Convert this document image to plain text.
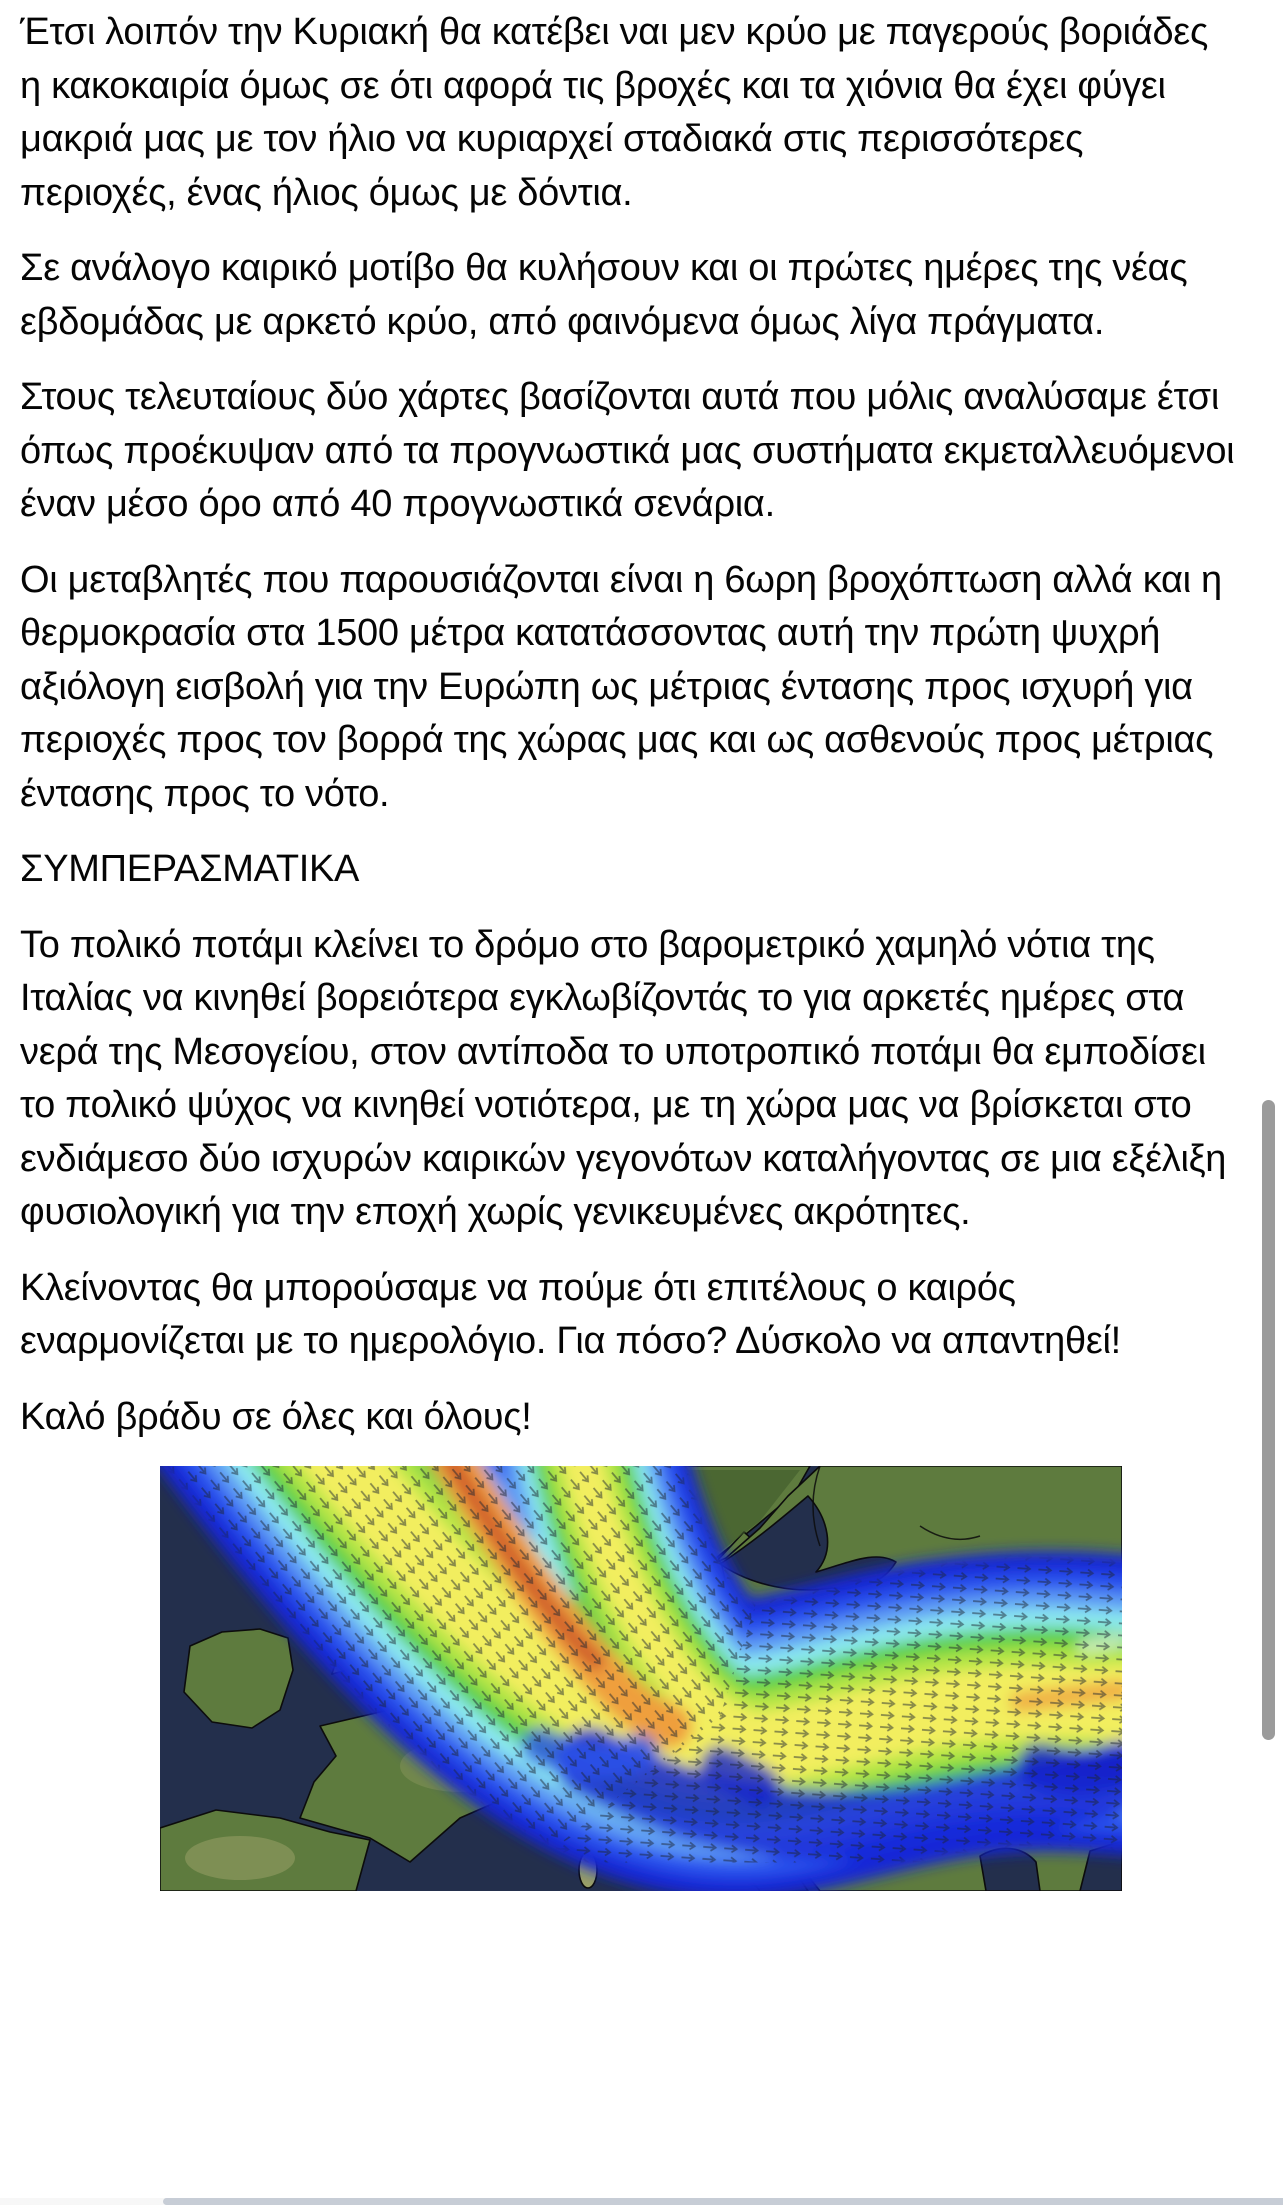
Έτσι λοιπόν την Κυριακή θα κατέβει ναι μεν κρύο με παγερούς βοριάδες η κακοκαιρία όμως σε ότι αφορά τις βροχές και τα χιόνια θα έχει φύγει μακριά μας με τον ήλιο να κυριαρχεί σταδιακά στις περισσότερες περιοχές, ένας ήλιος όμως με δόντια.

Σε ανάλογο καιρικό μοτίβο θα κυλήσουν και οι πρώτες ημέρες της νέας εβδομάδας με αρκετό κρύο, από φαινόμενα όμως λίγα πράγματα.

Στους τελευταίους δύο χάρτες βασίζονται αυτά που μόλις αναλύσαμε έτσι όπως προέκυψαν από τα προγνωστικά μας συστήματα εκμεταλλευόμενοι έναν μέσο όρο από 40 προγνωστικά σενάρια.

Οι μεταβλητές που παρουσιάζονται είναι η 6ωρη βροχόπτωση αλλά και η θερμοκρασία στα 1500 μέτρα κατατάσσοντας αυτή την πρώτη ψυχρή αξιόλογη εισβολή για την Ευρώπη ως μέτριας έντασης προς ισχυρή για περιοχές προς τον βορρά της χώρας μας και ως ασθενούς προς μέτριας έντασης προς το νότο.

ΣΥΜΠΕΡΑΣΜΑΤΙΚΑ

Το πολικό ποτάμι κλείνει το δρόμο στο βαρομετρικό χαμηλό νότια της Ιταλίας να κινηθεί βορειότερα εγκλωβίζοντάς το για αρκετές ημέρες στα νερά της Μεσογείου, στον αντίποδα το υποτροπικό ποτάμι θα εμποδίσει το πολικό ψύχος να κινηθεί νοτιότερα, με τη χώρα μας να βρίσκεται στο ενδιάμεσο δύο ισχυρών καιρικών γεγονότων καταλήγοντας σε μια εξέλιξη φυσιολογική για την εποχή χωρίς γενικευμένες ακρότητες.

Κλείνοντας θα μπορούσαμε να πούμε ότι επιτέλους ο καιρός εναρμονίζεται με το ημερολόγιο. Για πόσο? Δύσκολο να απαντηθεί!

Καλό βράδυ σε όλες και όλους!
